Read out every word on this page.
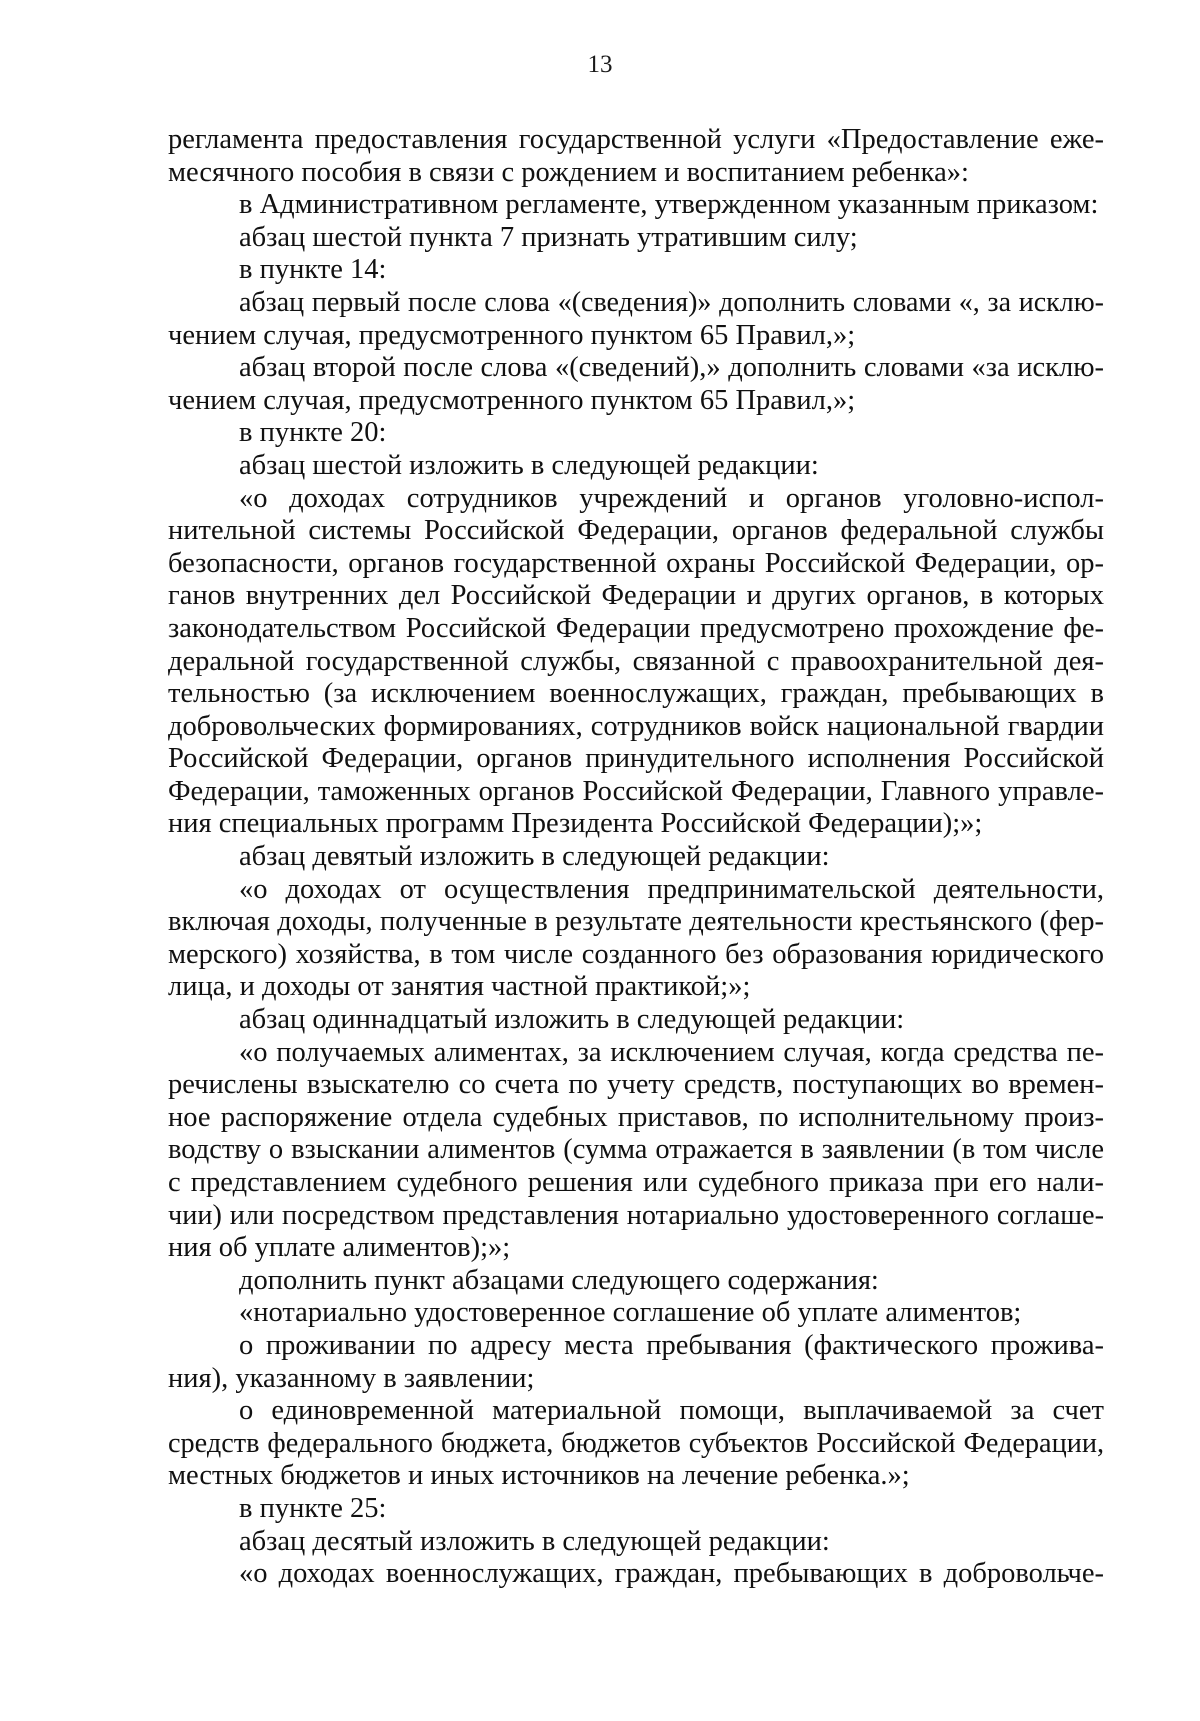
13
регламента предоставления государственной услуги «Предоставление еже-
месячного пособия в связи с рождением и воспитанием ребенка»:
в Административном регламенте, утвержденном указанным приказом:
абзац шестой пункта 7 признать утратившим силу;
в пункте 14:
абзац первый после слова «(сведения)» дополнить словами «, за исклю-
чением случая, предусмотренного пунктом 65 Правил,»;
абзац второй после слова «(сведений),» дополнить словами «за исклю-
чением случая, предусмотренного пунктом 65 Правил,»;
в пункте 20:
абзац шестой изложить в следующей редакции:
«о доходах сотрудников учреждений и органов уголовно-испол-
нительной системы Российской Федерации, органов федеральной службы
безопасности, органов государственной охраны Российской Федерации, ор-
ганов внутренних дел Российской Федерации и других органов, в которых
законодательством Российской Федерации предусмотрено прохождение фе-
деральной государственной службы, связанной с правоохранительной дея-
тельностью (за исключением военнослужащих, граждан, пребывающих в
добровольческих формированиях, сотрудников войск национальной гвардии
Российской Федерации, органов принудительного исполнения Российской
Федерации, таможенных органов Российской Федерации, Главного управле-
ния специальных программ Президента Российской Федерации);»;
абзац девятый изложить в следующей редакции:
«о доходах от осуществления предпринимательской деятельности,
включая доходы, полученные в результате деятельности крестьянского (фер-
мерского) хозяйства, в том числе созданного без образования юридического
лица, и доходы от занятия частной практикой;»;
абзац одиннадцатый изложить в следующей редакции:
«о получаемых алиментах, за исключением случая, когда средства пе-
речислены взыскателю со счета по учету средств, поступающих во времен-
ное распоряжение отдела судебных приставов, по исполнительному произ-
водству о взыскании алиментов (сумма отражается в заявлении (в том числе
с представлением судебного решения или судебного приказа при его нали-
чии) или посредством представления нотариально удостоверенного соглаше-
ния об уплате алиментов);»;
дополнить пункт абзацами следующего содержания:
«нотариально удостоверенное соглашение об уплате алиментов;
о проживании по адресу места пребывания (фактического прожива-
ния), указанному в заявлении;
о единовременной материальной помощи, выплачиваемой за счет
средств федерального бюджета, бюджетов субъектов Российской Федерации,
местных бюджетов и иных источников на лечение ребенка.»;
в пункте 25:
абзац десятый изложить в следующей редакции:
«о доходах военнослужащих, граждан, пребывающих в добровольче-
